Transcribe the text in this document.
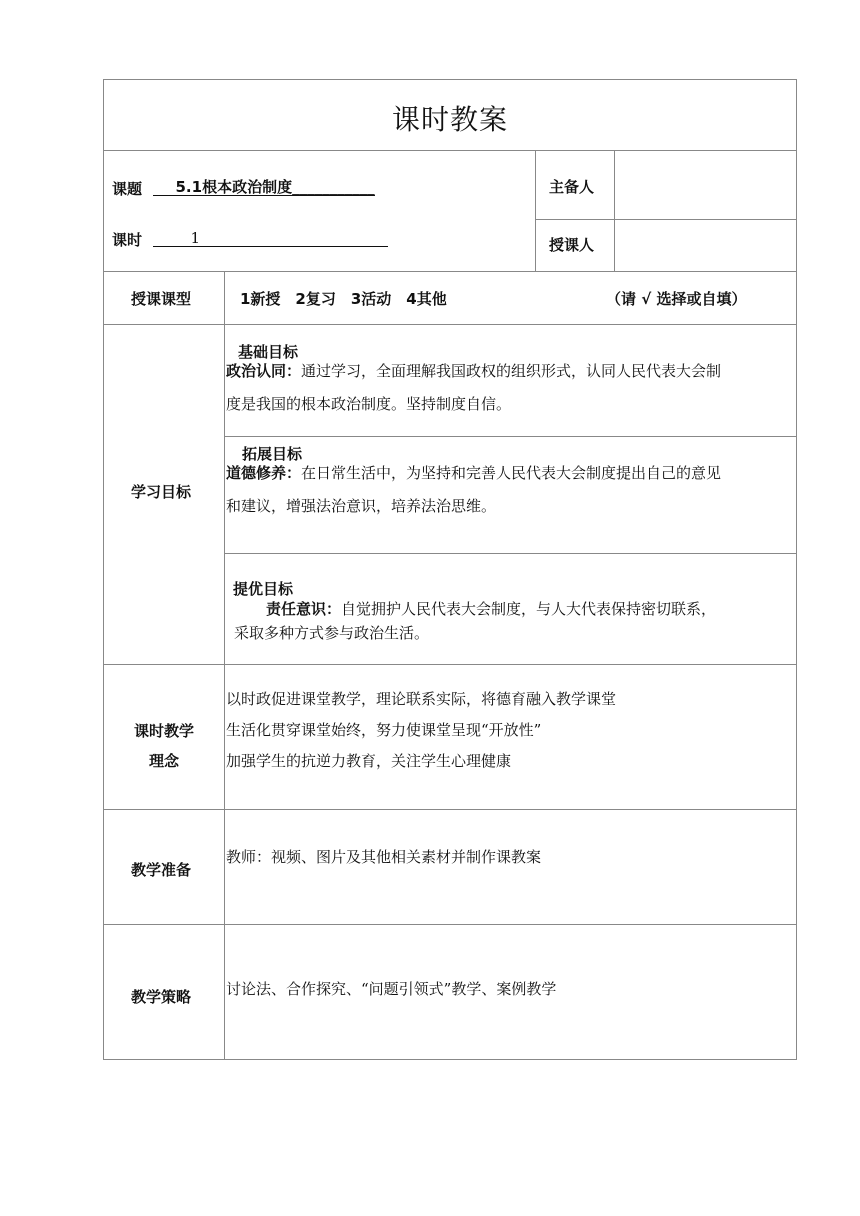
课时教案
课题 ___5.1根本政治制度___________
课时 _____1_________________________
主备人
授课人
授课课型	1新授　2复习　3活动　4其他	（请 √ 选择或自填）
学习目标
基础目标
政治认同：通过学习，全面理解我国政权的组织形式，认同人民代表大会制
度是我国的根本政治制度。坚持制度自信。
拓展目标
道德修养：在日常生活中，为坚持和完善人民代表大会制度提出自己的意见
和建议，增强法治意识，培养法治思维。
提优目标
责任意识：自觉拥护人民代表大会制度，与人大代表保持密切联系，
采取多种方式参与政治生活。
课时教学
理念
以时政促进课堂教学，理论联系实际，将德育融入教学课堂
生活化贯穿课堂始终，努力使课堂呈现“开放性”
加强学生的抗逆力教育，关注学生心理健康
教学准备
教师：视频、图片及其他相关素材并制作课教案
教学策略 讨论法、合作探究、“问题引领式”教学、案例教学
